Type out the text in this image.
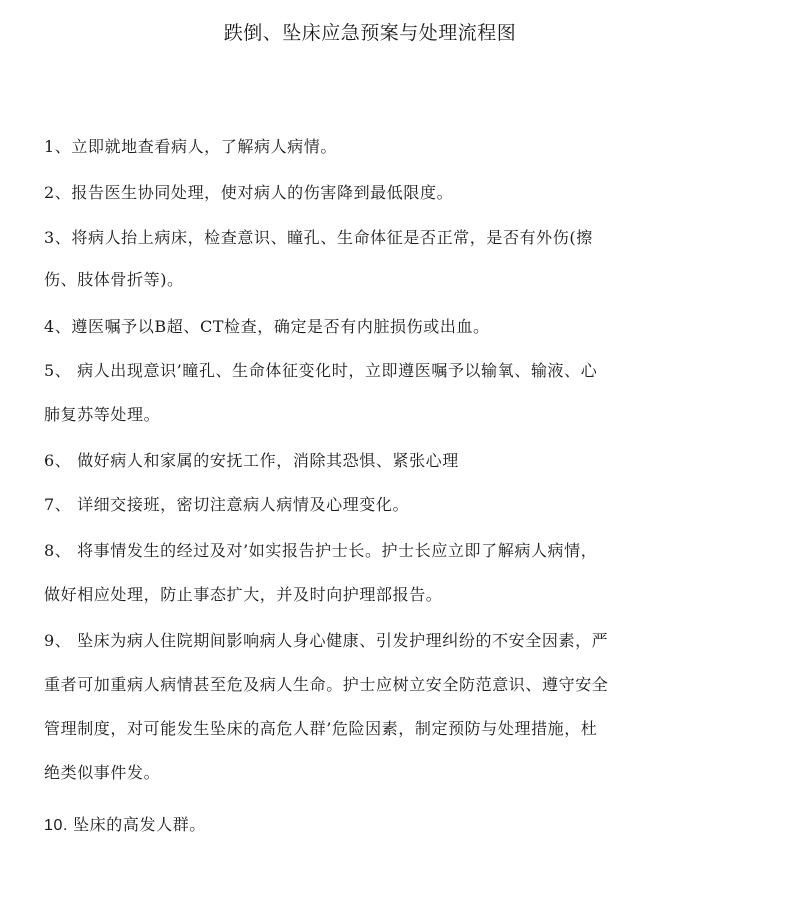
跌倒、坠床应急预案与处理流程图

1、立即就地查看病人，了解病人病情。

2、报告医生协同处理，使对病人的伤害降到最低限度。

3、将病人抬上病床，检查意识、瞳孔、生命体征是否正常，是否有外伤(擦

伤、肢体骨折等)。

4、遵医嘱予以B超、CT检查，确定是否有内脏损伤或出血。

5、 病人出现意识’瞳孔、生命体征变化时，立即遵医嘱予以输氧、输液、心

肺复苏等处理。

6、 做好病人和家属的安抚工作，消除其恐惧、紧张心理

7、 详细交接班，密切注意病人病情及心理变化。

8、 将事情发生的经过及对’如实报告护士长。护士长应立即了解病人病情，

做好相应处理，防止事态扩大，并及时向护理部报告。

9、 坠床为病人住院期间影响病人身心健康、引发护理纠纷的不安全因素，严

重者可加重病人病情甚至危及病人生命。护士应树立安全防范意识、遵守安全

管理制度，对可能发生坠床的高危人群’危险因素，制定预防与处理措施，杜

绝类似事件发。

10. 坠床的高发人群。
